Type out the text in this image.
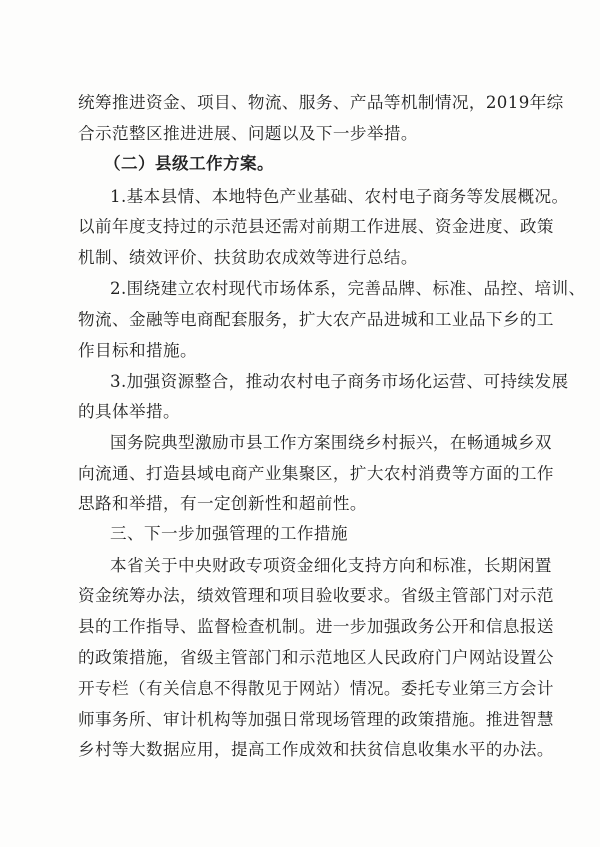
统筹推进资金、项目、物流、服务、产品等机制情况，2019年综
合示范整区推进进展、问题以及下一步举措。
（二）县级工作方案。
1.基本县情、本地特色产业基础、农村电子商务等发展概况。
以前年度支持过的示范县还需对前期工作进展、资金进度、政策
机制、绩效评价、扶贫助农成效等进行总结。
2.围绕建立农村现代市场体系，完善品牌、标准、品控、培训、
物流、金融等电商配套服务，扩大农产品进城和工业品下乡的工
作目标和措施。
3.加强资源整合，推动农村电子商务市场化运营、可持续发展
的具体举措。
国务院典型激励市县工作方案围绕乡村振兴，在畅通城乡双
向流通、打造县域电商产业集聚区，扩大农村消费等方面的工作
思路和举措，有一定创新性和超前性。
三、下一步加强管理的工作措施
本省关于中央财政专项资金细化支持方向和标准，长期闲置
资金统筹办法，绩效管理和项目验收要求。省级主管部门对示范
县的工作指导、监督检查机制。进一步加强政务公开和信息报送
的政策措施，省级主管部门和示范地区人民政府门户网站设置公
开专栏（有关信息不得散见于网站）情况。委托专业第三方会计
师事务所、审计机构等加强日常现场管理的政策措施。推进智慧
乡村等大数据应用，提高工作成效和扶贫信息收集水平的办法。
